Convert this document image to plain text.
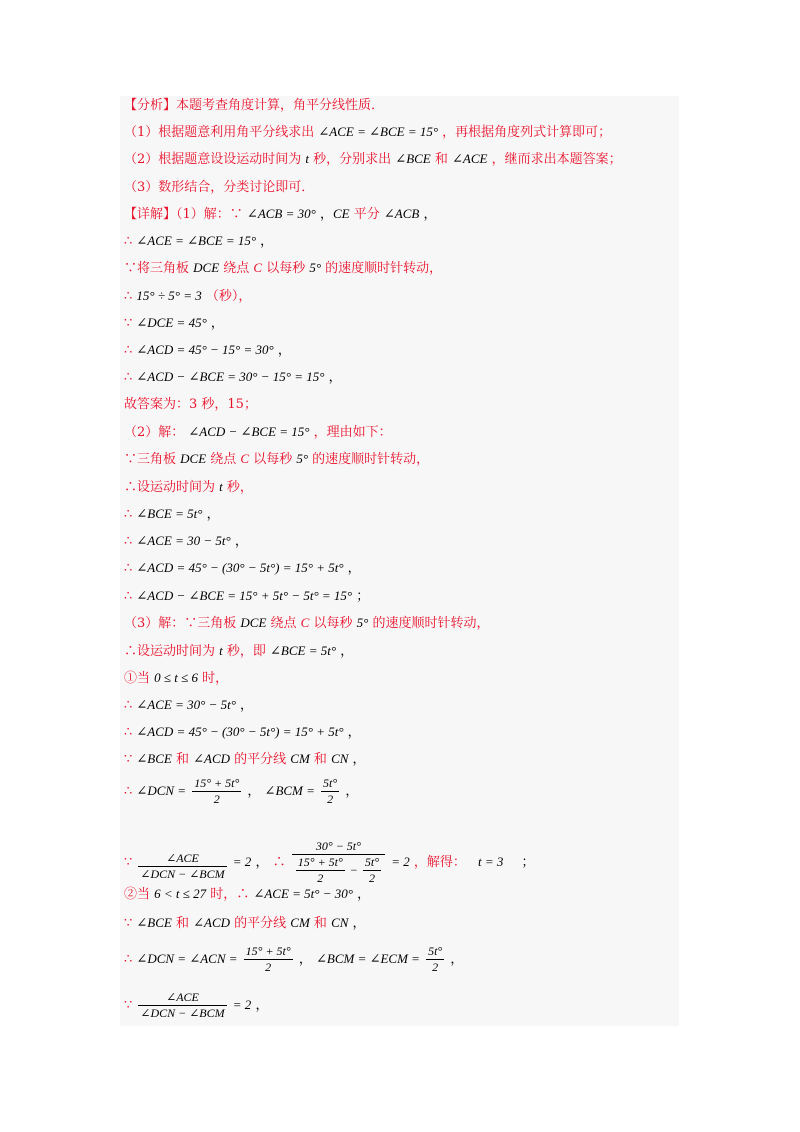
【分析】本题考查角度计算，角平分线性质．
（1）根据题意利用角平分线求出 ∠ACE = ∠BCE = 15° ，再根据角度列式计算即可；
（2）根据题意设设运动时间为 t 秒，分别求出 ∠BCE 和 ∠ACE ，继而求出本题答案；
（3）数形结合，分类讨论即可．
【详解】（1）解：∵ ∠ACB = 30° ，CE 平分 ∠ACB ，
∴ ∠ACE = ∠BCE = 15° ，
∵将三角板 DCE 绕点 C 以每秒 5° 的速度顺时针转动，
∴ 15° ÷ 5° = 3 （秒），
∵ ∠DCE = 45° ，
∴ ∠ACD = 45° − 15° = 30° ，
∴ ∠ACD − ∠BCE = 30° − 15° = 15° ，
故答案为：3 秒，15；
（2）解： ∠ACD − ∠BCE = 15° ，理由如下：
∵三角板 DCE 绕点 C 以每秒 5° 的速度顺时针转动，
∴设运动时间为 t 秒，
∴ ∠BCE = 5t° ，
∴ ∠ACE = 30 − 5t° ，
∴ ∠ACD = 45° − (30° − 5t°) = 15° + 5t° ，
∴ ∠ACD − ∠BCE = 15° + 5t° − 5t° = 15° ；
（3）解：∵三角板 DCE 绕点 C 以每秒 5° 的速度顺时针转动，
∴设运动时间为 t 秒，即 ∠BCE = 5t° ，
①当 0 ≤ t ≤ 6 时，
∴ ∠ACE = 30° − 5t° ，
∴ ∠ACD = 45° − (30° − 5t°) = 15° + 5t° ，
∵ ∠BCE 和 ∠ACD 的平分线 CM 和 CN ，
②当 6 < t ≤ 27 时，∴ ∠ACE = 5t° − 30° ，
∵ ∠BCE 和 ∠ACD 的平分线 CM 和 CN ，
∴ ∠DCN = $\frac{15^\circ + 5t^\circ}{2}$ ， ∠BCM = $\frac{5t^\circ}{2}$ ，
∵ $\frac{\text{∠ACE}}{\text{∠DCN − ∠BCM}} = 2$ ， ∴
30° − 5t°
$\frac{15^\circ + 5t^\circ}{2} - \frac{5t^\circ}{2} = 2$ ，解得： t = 3 ；
∴ ∠DCN = ∠ACN = $\frac{15^\circ + 5t^\circ}{2}$ ， ∠BCM = ∠ECM = $\frac{5t^\circ}{2}$ ，
∵ $\frac{\text{∠ACE}}{\text{∠DCN − ∠BCM}} = 2$ ，
